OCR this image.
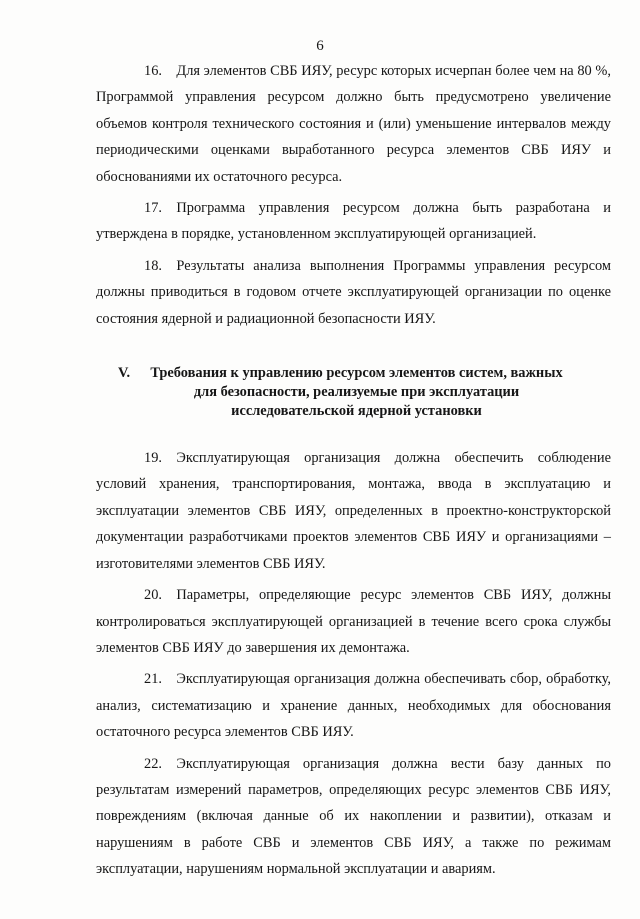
6

16. Для элементов СВБ ИЯУ, ресурс которых исчерпан более чем на 80 %, Программой управления ресурсом должно быть предусмотрено увеличение объемов контроля технического состояния и (или) уменьшение интервалов между периодическими оценками выработанного ресурса элементов СВБ ИЯУ и обоснованиями их остаточного ресурса.

17. Программа управления ресурсом должна быть разработана и утверждена в порядке, установленном эксплуатирующей организацией.

18. Результаты анализа выполнения Программы управления ресурсом должны приводиться в годовом отчете эксплуатирующей организации по оценке состояния ядерной и радиационной безопасности ИЯУ.

V.	Требования к управлению ресурсом элементов систем, важных
для безопасности, реализуемые при эксплуатации
исследовательской ядерной установки

19. Эксплуатирующая организация должна обеспечить соблюдение условий хранения, транспортирования, монтажа, ввода в эксплуатацию и эксплуатации элементов СВБ ИЯУ, определенных в проектно-конструкторской документации разработчиками проектов элементов СВБ ИЯУ и организациями – изготовителями элементов СВБ ИЯУ.

20. Параметры, определяющие ресурс элементов СВБ ИЯУ, должны контролироваться эксплуатирующей организацией в течение всего срока службы элементов СВБ ИЯУ до завершения их демонтажа.

21. Эксплуатирующая организация должна обеспечивать сбор, обработку, анализ, систематизацию и хранение данных, необходимых для обоснования остаточного ресурса элементов СВБ ИЯУ.

22. Эксплуатирующая организация должна вести базу данных по результатам измерений параметров, определяющих ресурс элементов СВБ ИЯУ, повреждениям (включая данные об их накоплении и развитии), отказам и нарушениям в работе СВБ и элементов СВБ ИЯУ, а также по режимам эксплуатации, нарушениям нормальной эксплуатации и авариям.
